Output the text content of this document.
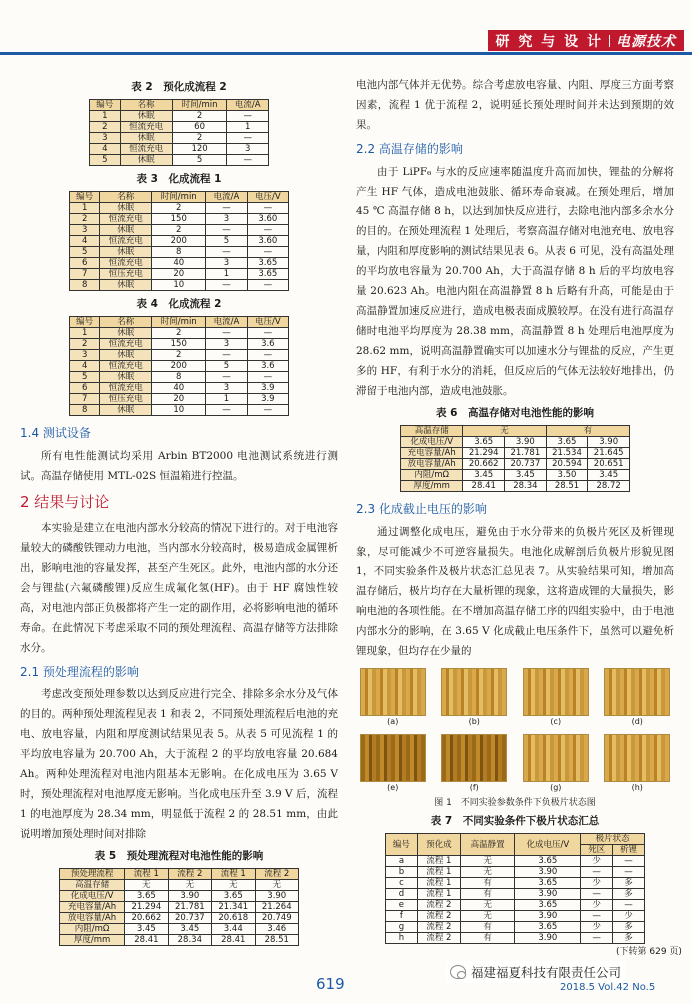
研 究 与 设 计 电源技术
表 2　预化成流程 2
编号	名称	时间/min	电流/A
1	休眠	2	—
2	恒流充电	60	1
3	休眠	2	—
4	恒流充电	120	3
5	休眠	5	—
表 3　化成流程 1
编号	名称	时间/min	电流/A	电压/V
1	休眠	2	—	—
2	恒流充电	150	3	3.60
3	休眠	2	—	—
4	恒流充电	200	5	3.60
5	休眠	8	—	—
6	恒流充电	40	3	3.65
7	恒压充电	20	1	3.65
8	休眠	10	—	—
表 4　化成流程 2
编号	名称	时间/min	电流/A	电压/V
1	休眠	2	—	—
2	恒流充电	150	3	3.6
3	休眠	2	—	—
4	恒流充电	200	5	3.6
5	休眠	8	—	—
6	恒流充电	40	3	3.9
7	恒压充电	20	1	3.9
8	休眠	10	—	—
1.4 测试设备

所有电性能测试均采用 Arbin BT2000 电池测试系统进行测试。高温存储使用 MTL-02S 恒温箱进行控温。

2 结果与讨论

本实验是建立在电池内部水分较高的情况下进行的。对于电池容量较大的磷酸铁锂动力电池，当内部水分较高时，极易造成金属锂析出，影响电池的容量发挥，甚至产生死区。此外，电池内部的水分还会与锂盐(六氟磷酸锂)反应生成氟化氢(HF)。由于 HF 腐蚀性较高，对电池内部正负极都将产生一定的副作用，必将影响电池的循环寿命。在此情况下考虑采取不同的预处理流程、高温存储等方法排除水分。

2.1 预处理流程的影响

考虑改变预处理参数以达到反应进行完全、排除多余水分及气体的目的。两种预处理流程见表 1 和表 2，不同预处理流程后电池的充电、放电容量，内阻和厚度测试结果见表 5。从表 5 可见流程 1 的平均放电容量为 20.700 Ah，大于流程 2 的平均放电容量 20.684 Ah。两种处理流程对电池内阻基本无影响。在化成电压为 3.65 V 时，预处理流程对电池厚度无影响。当化成电压升至 3.9 V 后，流程 1 的电池厚度为 28.34 mm，明显低于流程 2 的 28.51 mm，由此说明增加预处理时间对排除

表 5　预处理流程对电池性能的影响
预处理流程	流程 1	流程 2	流程 1	流程 2
高温存储	无	无	无	无
化成电压/V	3.65	3.90	3.65	3.90
充电容量/Ah	21.294	21.781	21.341	21.264
放电容量/Ah	20.662	20.737	20.618	20.749
内阻/mΩ	3.45	3.45	3.44	3.46
厚度/mm	28.41	28.34	28.41	28.51

电池内部气体并无优势。综合考虑放电容量、内阻、厚度三方面考察因素，流程 1 优于流程 2，说明延长预处理时间并未达到预期的效果。

2.2 高温存储的影响

由于 LiPF₆ 与水的反应速率随温度升高而加快，锂盐的分解将产生 HF 气体，造成电池鼓胀、循环寿命衰减。在预处理后，增加 45 ℃ 高温存储 8 h，以达到加快反应进行，去除电池内部多余水分的目的。在预处理流程 1 处理后，考察高温存储对电池充电、放电容量，内阻和厚度影响的测试结果见表 6。从表 6 可见，没有高温处理的平均放电容量为 20.700 Ah，大于高温存储 8 h 后的平均放电容量 20.623 Ah。电池内阻在高温静置 8 h 后略有升高，可能是由于高温静置加速反应进行，造成电极表面成膜较厚。在没有进行高温存储时电池平均厚度为 28.38 mm，高温静置 8 h 处理后电池厚度为 28.62 mm，说明高温静置确实可以加速水分与锂盐的反应，产生更多的 HF，有利于水分的消耗，但反应后的气体无法较好地排出，仍滞留于电池内部，造成电池鼓胀。

表 6　高温存储对电池性能的影响
高温存储	无		有	
化成电压/V	3.65	3.90	3.65	3.90
充电容量/Ah	21.294	21.781	21.534	21.645
放电容量/Ah	20.662	20.737	20.594	20.651
内阻/mΩ	3.45	3.45	3.50	3.45
厚度/mm	28.41	28.34	28.51	28.72
2.3 化成截止电压的影响

通过调整化成电压，避免由于水分带来的负极片死区及析锂现象，尽可能减少不可逆容量损失。电池化成解剖后负极片形貌见图 1，不同实验条件及极片状态汇总见表 7。从实验结果可知，增加高温存储后，极片均存在大量析锂的现象，这将造成锂的大量损失，影响电池的各项性能。在不增加高温存储工序的四组实验中，由于电池内部水分的影响，在 3.65 V 化成截止电压条件下，虽然可以避免析锂现象，但均存在少量的

(a)	(b)	(c)	(d)
(e)	(f)	(g)	(h)
图 1　不同实验参数条件下负极片状态图
表 7　不同实验条件下极片状态汇总
编号	预化成	高温静置	化成电压/V	极片状态	
				死区	析锂
a	流程 1	无	3.65	少	—
b	流程 1	无	3.90	—	—
c	流程 1	有	3.65	少	多
d	流程 1	有	3.90	—	多
e	流程 2	无	3.65	少	—
f	流程 2	无	3.90	—	少
g	流程 2	有	3.65	少	多
h	流程 2	有	3.90	—	多
(下转第 629 页)
福建福夏科技有限责任公司
619	2018.5 Vol.42 No.5
